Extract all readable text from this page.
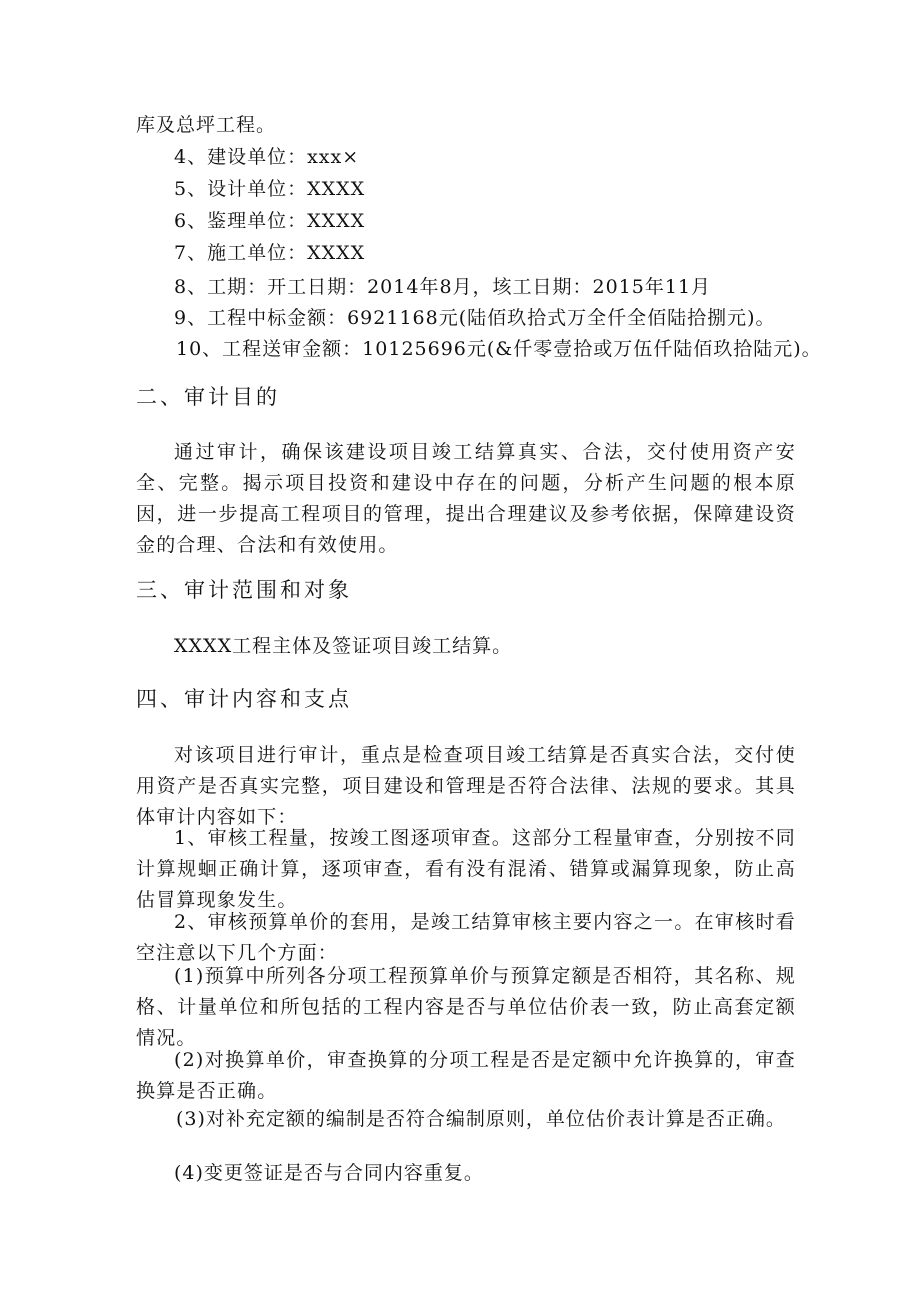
库及总坪工程。
4、建设单位：xxx×
5、设计单位：XXXX
6、鉴理单位：XXXX
7、施工单位：XXXX
8、工期：开工日期：2014年8月，垓工日期：2015年11月
9、工程中标金额：6921168元(陆佰玖拾式万全仟全佰陆拾捌元)。
10、工程送审金额：10125696元(&仟零壹拾或万伍仟陆佰玖拾陆元)。
二、审计目的
通过审计，确保该建设项目竣工结算真实、合法，交付使用资产安全、完整。揭示项目投资和建设中存在的问题，分析产生问题的根本原因，进一步提高工程项目的管理，提出合理建议及参考依据，保障建设资金的合理、合法和有效使用。
三、审计范围和对象
XXXX工程主体及签证项目竣工结算。
四、审计内容和支点
对该项目进行审计，重点是检查项目竣工结算是否真实合法，交付使用资产是否真实完整，项目建设和管理是否符合法律、法规的要求。其具体审计内容如下：
1、审核工程量，按竣工图逐项审查。这部分工程量审查，分别按不同计算规蛔正确计算，逐项审查，看有没有混淆、错算或漏算现象，防止高估冒算现象发生。
2、审核预算单价的套用，是竣工结算审核主要内容之一。在审核时看空注意以下几个方面：
(1)预算中所列各分项工程预算单价与预算定额是否相符，其名称、规格、计量单位和所包括的工程内容是否与单位估价表一致，防止高套定额情况。
(2)对换算单价，审查换算的分项工程是否是定额中允许换算的，审查换算是否正确。
(3)对补充定额的编制是否符合编制原则，单位估价表计算是否正确。
(4)变更签证是否与合同内容重复。
